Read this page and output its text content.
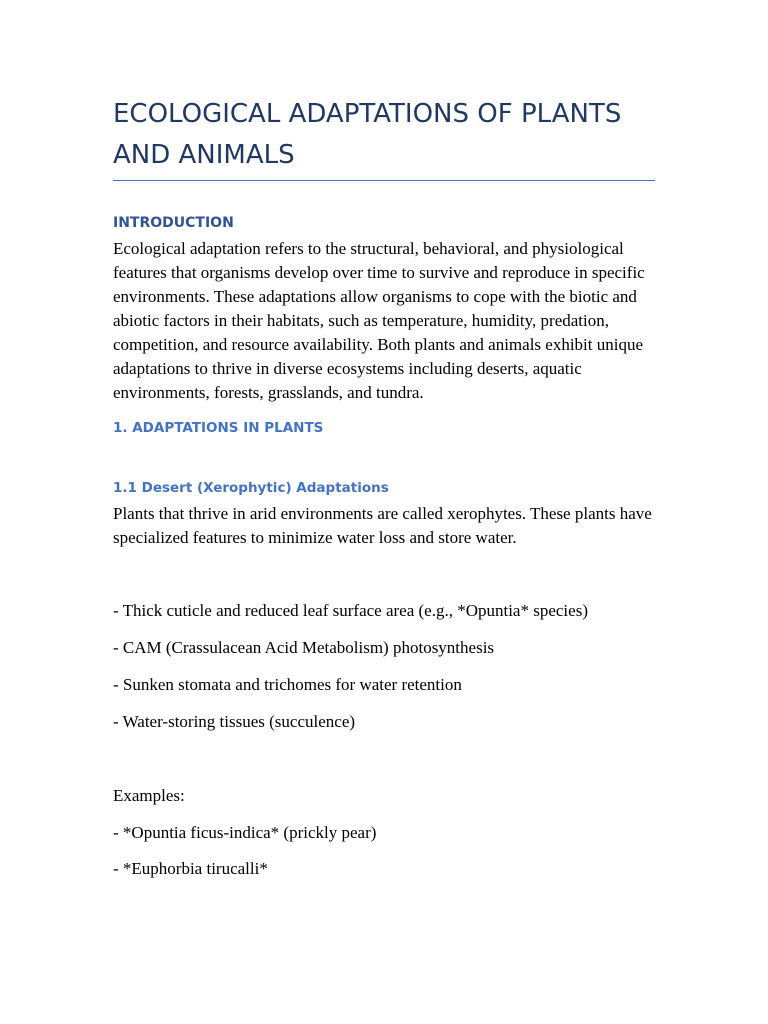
ECOLOGICAL ADAPTATIONS OF PLANTS AND ANIMALS
INTRODUCTION

Ecological adaptation refers to the structural, behavioral, and physiological features that organisms develop over time to survive and reproduce in specific environments. These adaptations allow organisms to cope with the biotic and abiotic factors in their habitats, such as temperature, humidity, predation, competition, and resource availability. Both plants and animals exhibit unique adaptations to thrive in diverse ecosystems including deserts, aquatic environments, forests, grasslands, and tundra.

1. ADAPTATIONS IN PLANTS
1.1 Desert (Xerophytic) Adaptations

Plants that thrive in arid environments are called xerophytes. These plants have specialized features to minimize water loss and store water.

- Thick cuticle and reduced leaf surface area (e.g., *Opuntia* species)

- CAM (Crassulacean Acid Metabolism) photosynthesis

- Sunken stomata and trichomes for water retention

- Water-storing tissues (succulence)

Examples:

- *Opuntia ficus-indica* (prickly pear)

- *Euphorbia tirucalli*
